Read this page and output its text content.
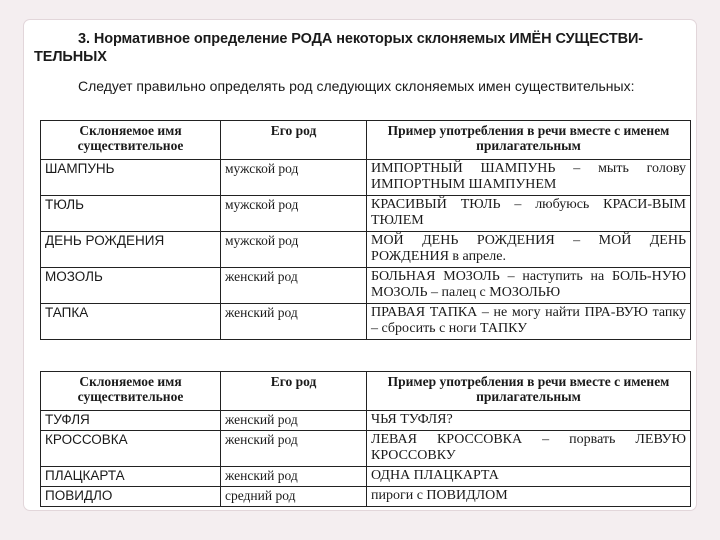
3. Нормативное определение РОДА некоторых склоняемых ИМЁН СУЩЕСТВИ-ТЕЛЬНЫХ
Следует правильно определять род следующих склоняемых имен существительных:
Склоняемое имя существительное	Его род	Пример употребления в речи вместе с именем прилагательным
ШАМПУНЬ	мужской род	ИМПОРТНЫЙ ШАМПУНЬ – мыть голову ИМПОРТНЫМ ШАМПУНЕМ
ТЮЛЬ	мужской род	КРАСИВЫЙ ТЮЛЬ – любуюсь КРАСИ-ВЫМ ТЮЛЕМ
ДЕНЬ РОЖДЕНИЯ	мужской род	МОЙ ДЕНЬ РОЖДЕНИЯ – МОЙ ДЕНЬ РОЖДЕНИЯ в апреле.
МОЗОЛЬ	женский род	БОЛЬНАЯ МОЗОЛЬ – наступить на БОЛЬ-НУЮ МОЗОЛЬ – палец с МОЗОЛЬЮ
ТАПКА	женский род	ПРАВАЯ ТАПКА – не могу найти ПРА-ВУЮ тапку – сбросить с ноги ТАПКУ
Склоняемое имя существительное	Его род	Пример употребления в речи вместе с именем прилагательным
ТУФЛЯ	женский род	ЧЬЯ ТУФЛЯ?
КРОССОВКА	женский род	ЛЕВАЯ КРОССОВКА – порвать ЛЕВУЮ КРОССОВКУ
ПЛАЦКАРТА	женский род	ОДНА ПЛАЦКАРТА
ПОВИДЛО	средний род	пироги с ПОВИДЛОМ
